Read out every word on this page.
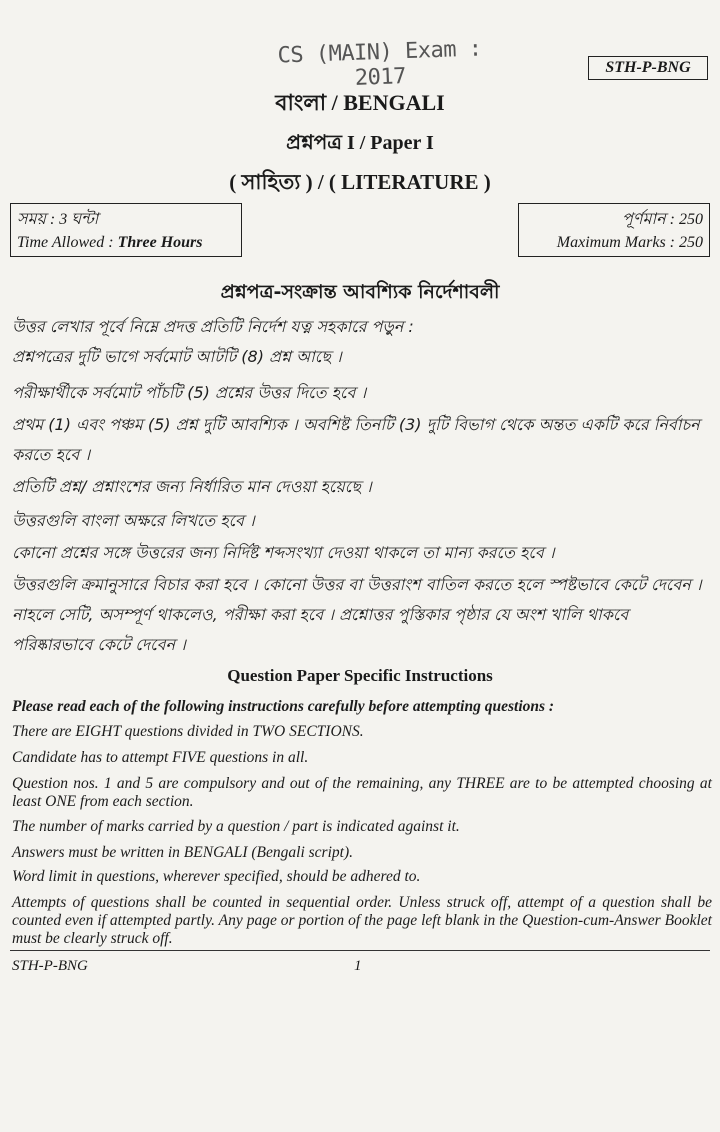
CS (MAIN) Exam : 2017	STH-P-BNG
বাংলা / BENGALI
প্রশ্নপত্র I / Paper I
( সাহিত্য ) / ( LITERATURE )
সময় : 3 ঘন্টা
Time Allowed : Three Hours
পূর্ণমান : 250
Maximum Marks : 250
প্রশ্নপত্র-সংক্রান্ত আবশ্যিক নির্দেশাবলী
উত্তর লেখার পূর্বে নিম্নে প্রদত্ত প্রতিটি নির্দেশ যত্ন সহকারে পড়ুন :
প্রশ্নপত্রের দুটি ভাগে সর্বমোট আটটি (8) প্রশ্ন আছে ।
পরীক্ষার্থীকে সর্বমোট পাঁচটি (5) প্রশ্নের উত্তর দিতে হবে ।
প্রথম (1) এবং পঞ্চম (5) প্রশ্ন দুটি আবশ্যিক । অবশিষ্ট তিনটি (3) দুটি বিভাগ থেকে অন্তত একটি করে নির্বাচন করতে হবে ।
প্রতিটি প্রশ্ন/ প্রশ্নাংশের জন্য নির্ধারিত মান দেওয়া হয়েছে ।
উত্তরগুলি বাংলা অক্ষরে লিখতে হবে ।
কোনো প্রশ্নের সঙ্গে উত্তরের জন্য নির্দিষ্ট শব্দসংখ্যা দেওয়া থাকলে তা মান্য করতে হবে ।
উত্তরগুলি ক্রমানুসারে বিচার করা হবে । কোনো উত্তর বা উত্তরাংশ বাতিল করতে হলে স্পষ্টভাবে কেটে দেবেন । নাহলে সেটি, অসম্পূর্ণ থাকলেও, পরীক্ষা করা হবে । প্রশ্নোত্তর পুস্তিকার পৃষ্ঠার যে অংশ খালি থাকবে পরিষ্কারভাবে কেটে দেবেন ।
Question Paper Specific Instructions
Please read each of the following instructions carefully before attempting questions :
There are EIGHT questions divided in TWO SECTIONS.
Candidate has to attempt FIVE questions in all.
Question nos. 1 and 5 are compulsory and out of the remaining, any THREE are to be attempted choosing at least ONE from each section.
The number of marks carried by a question / part is indicated against it.
Answers must be written in BENGALI (Bengali script).
Word limit in questions, wherever specified, should be adhered to.
Attempts of questions shall be counted in sequential order. Unless struck off, attempt of a question shall be counted even if attempted partly. Any page or portion of the page left blank in the Question-cum-Answer Booklet must be clearly struck off.
STH-P-BNG	1
